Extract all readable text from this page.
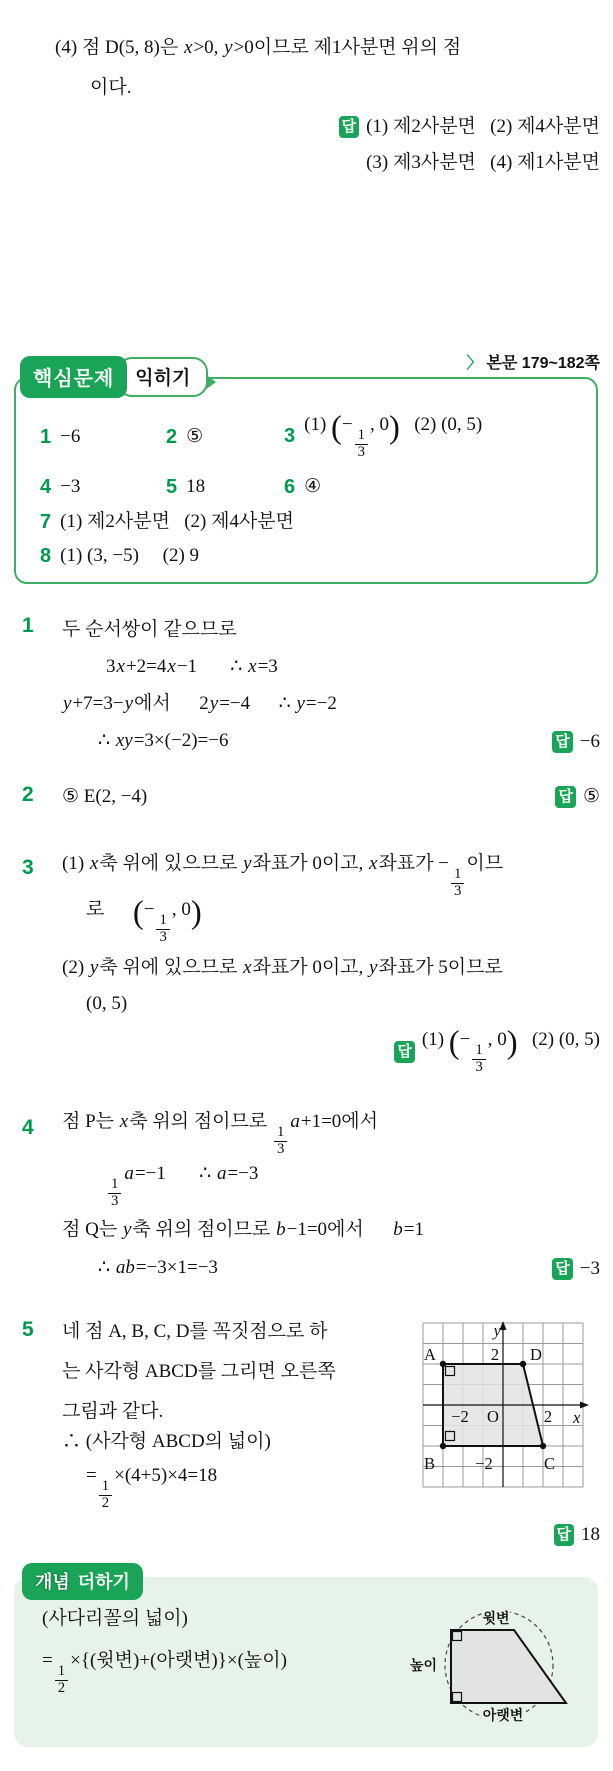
(4) 점 D(5, 8)은 x>0, y>0이므로 제1사분면 위의 점
이다.
답 (1) 제2사분면   (2) 제4사분면
(3) 제3사분면   (4) 제1사분면
〉 본문 179~182쪽
핵심문제	익히기
1 −6	2 ⑤	3
(1) (−
$\frac{1}{3}$
, 0)   (2) (0, 5)
4 −3	5 18	6 ④
7 (1) 제2사분면   (2) 제4사분면
8 (1) (3, −5)     (2) 9
1 두 순서쌍이 같으므로
3x+2=4x−1       ∴ x=3
y+7=3−y에서      2y=−4      ∴ y=−2
∴ xy=3×(−2)=−6	답 −6
2 ⑤ E(2, −4)	답 ⑤
3 (1) x축 위에 있으므로 y좌표가 0이고, x좌표가 −
$\frac{1}{3}$
이므
로      (−
$\frac{1}{3}$
, 0)
(2) y축 위에 있으므로 x좌표가 0이고, y좌표가 5이므로
(0, 5)
답
(1) (−
$\frac{1}{3}$
, 0)   (2) (0, 5)
4 점 P는 x축 위의 점이므로
$\frac{1}{3}$
a+1=0에서
$\frac{1}{3}$
a=−1       ∴ a=−3
점 Q는 y축 위의 점이므로 b−1=0에서      b=1
∴ ab=−3×1=−3	답 −3
5 네 점 A, B, C, D를 꼭짓점으로 하
는 사각형 ABCD를 그리면 오른쪽
그림과 같다.
∴ (사각형 ABCD의 넓이)
=
$\frac{1}{2}$
×(4+5)×4=18
답 18
y
A	2 D
−2 O	2 x
B −2	C
개념 더하기
(사다리꼴의 넓이)
=
$\frac{1}{2}$
×{(윗변)+(아랫변)}×(높이)
윗변
높이
아랫변
